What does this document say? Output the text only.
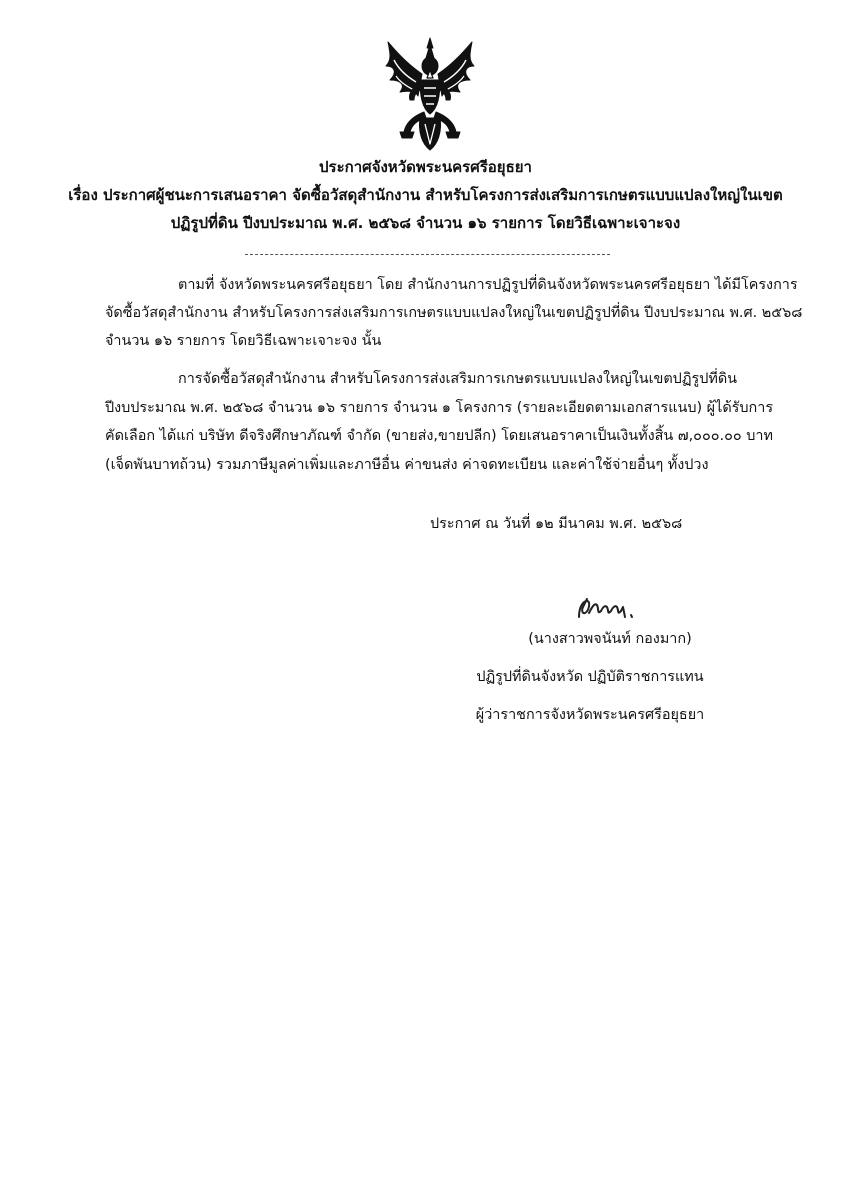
ประกาศจังหวัดพระนครศรีอยุธยา
เรื่อง ประกาศผู้ชนะการเสนอราคา จัดซื้อวัสดุสำนักงาน สำหรับโครงการส่งเสริมการเกษตรแบบแปลงใหญ่ในเขต
ปฏิรูปที่ดิน ปีงบประมาณ พ.ศ. ๒๕๖๘ จำนวน ๑๖ รายการ โดยวิธีเฉพาะเจาะจง
ตามที่ จังหวัดพระนครศรีอยุธยา โดย สำนักงานการปฏิรูปที่ดินจังหวัดพระนครศรีอยุธยา ได้มีโครงการ
จัดซื้อวัสดุสำนักงาน สำหรับโครงการส่งเสริมการเกษตรแบบแปลงใหญ่ในเขตปฏิรูปที่ดิน ปีงบประมาณ พ.ศ. ๒๕๖๘
จำนวน ๑๖ รายการ โดยวิธีเฉพาะเจาะจง นั้น
การจัดซื้อวัสดุสำนักงาน สำหรับโครงการส่งเสริมการเกษตรแบบแปลงใหญ่ในเขตปฏิรูปที่ดิน
ปีงบประมาณ พ.ศ. ๒๕๖๘ จำนวน ๑๖ รายการ จำนวน ๑ โครงการ (รายละเอียดตามเอกสารแนบ) ผู้ได้รับการ
คัดเลือก ได้แก่ บริษัท ดีจริงศึกษาภัณฑ์ จำกัด (ขายส่ง,ขายปลีก) โดยเสนอราคาเป็นเงินทั้งสิ้น ๗,๐๐๐.๐๐ บาท
(เจ็ดพันบาทถ้วน) รวมภาษีมูลค่าเพิ่มและภาษีอื่น ค่าขนส่ง ค่าจดทะเบียน และค่าใช้จ่ายอื่นๆ ทั้งปวง
ประกาศ ณ วันที่ ๑๒ มีนาคม พ.ศ. ๒๕๖๘
(นางสาวพจนันท์ กองมาก)
ปฏิรูปที่ดินจังหวัด ปฏิบัติราชการแทน
ผู้ว่าราชการจังหวัดพระนครศรีอยุธยา
